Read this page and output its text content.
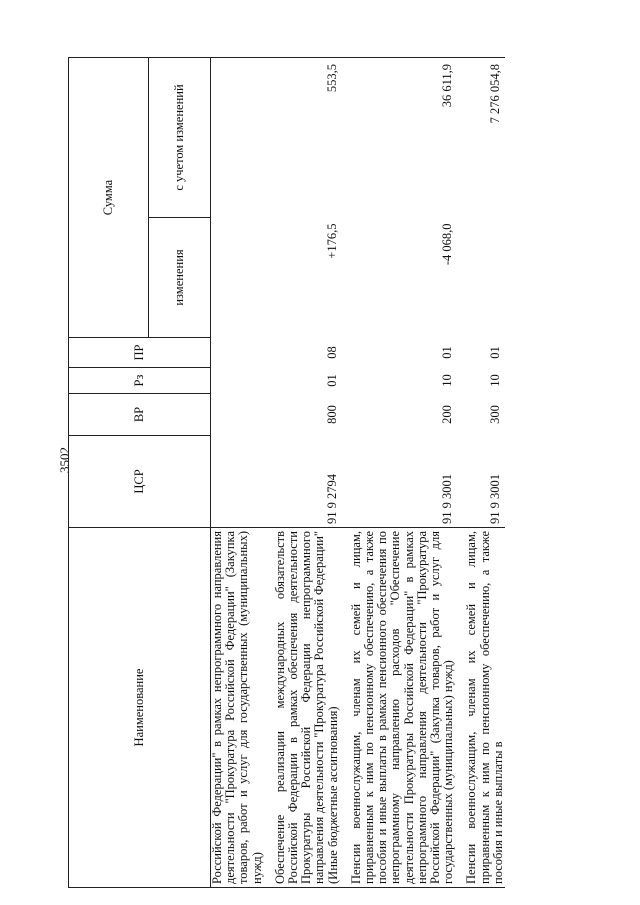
3502
Наименование	ЦСР	ВР	Рз	ПР	Сумма	
					изменения	с учетом изменений
Российской Федерации" в рамках непрограммного направления деятельности "Прокуратура Российской Федерации" (Закупка товаров, работ и услуг для государственных (муниципальных) нужд)						
Обеспечение реализации международных обязательств Российской Федерации в рамках обеспечения деятельности Прокуратуры Российской Федерации непрограммного направления деятельности "Прокуратура Российской Федерации" (Иные бюджетные ассигнования)	91 9 2794	800	01	08	+176,5	553,5
Пенсии военнослужащим, членам их семей и лицам, приравненным к ним по пенсионному обеспечению, а также пособия и иные выплаты в рамках пенсионного обеспечения по непрограммному направлению расходов "Обеспечение деятельности Прокуратуры Российской Федерации" в рамках непрограммного направления деятельности "Прокуратура Российской Федерации" (Закупка товаров, работ и услуг для государственных (муниципальных) нужд)	91 9 3001	200	10	01	-4 068,0	36 611,9
Пенсии военнослужащим, членам их семей и лицам, приравненным к ним по пенсионному обеспечению, а также пособия и иные выплаты в	91 9 3001	300	10	01		7 276 054,8
